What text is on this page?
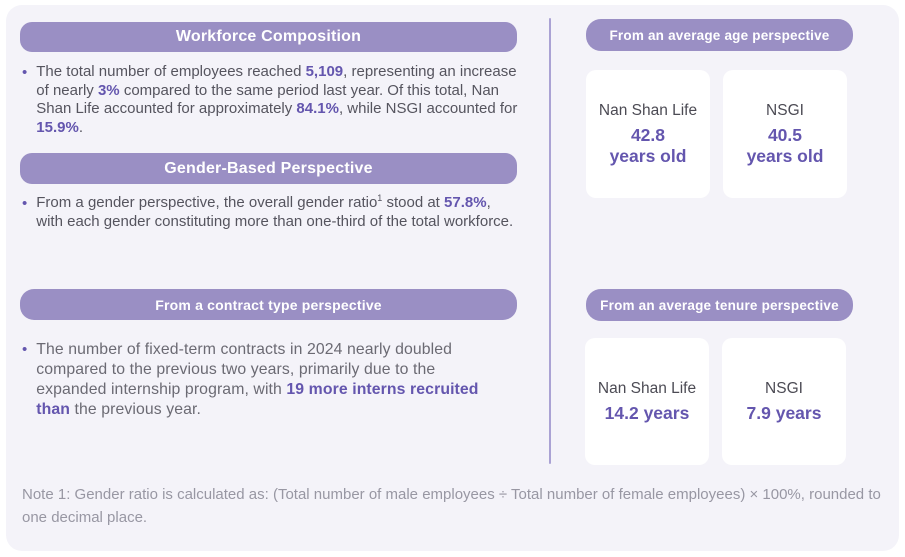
Workforce Composition
• The total number of employees reached 5,109, representing an increase of nearly 3% compared to the same period last year. Of this total, Nan Shan Life accounted for approximately 84.1%, while NSGI accounted for 15.9%.
Gender-Based Perspective
• From a gender perspective, the overall gender ratio$^1$ stood at 57.8%, with each gender constituting more than one-third of the total workforce.
From a contract type perspective
• The number of fixed-term contracts in 2024 nearly doubled compared to the previous two years, primarily due to the expanded internship program, with 19 more interns recruited than the previous year.
From an average age perspective
Nan Shan Life
42.8
years old
NSGI
40.5
years old
From an average tenure perspective
Nan Shan Life
14.2 years
NSGI
7.9 years
Note 1: Gender ratio is calculated as: (Total number of male employees ÷ Total number of female employees) × 100%, rounded to one decimal place.
